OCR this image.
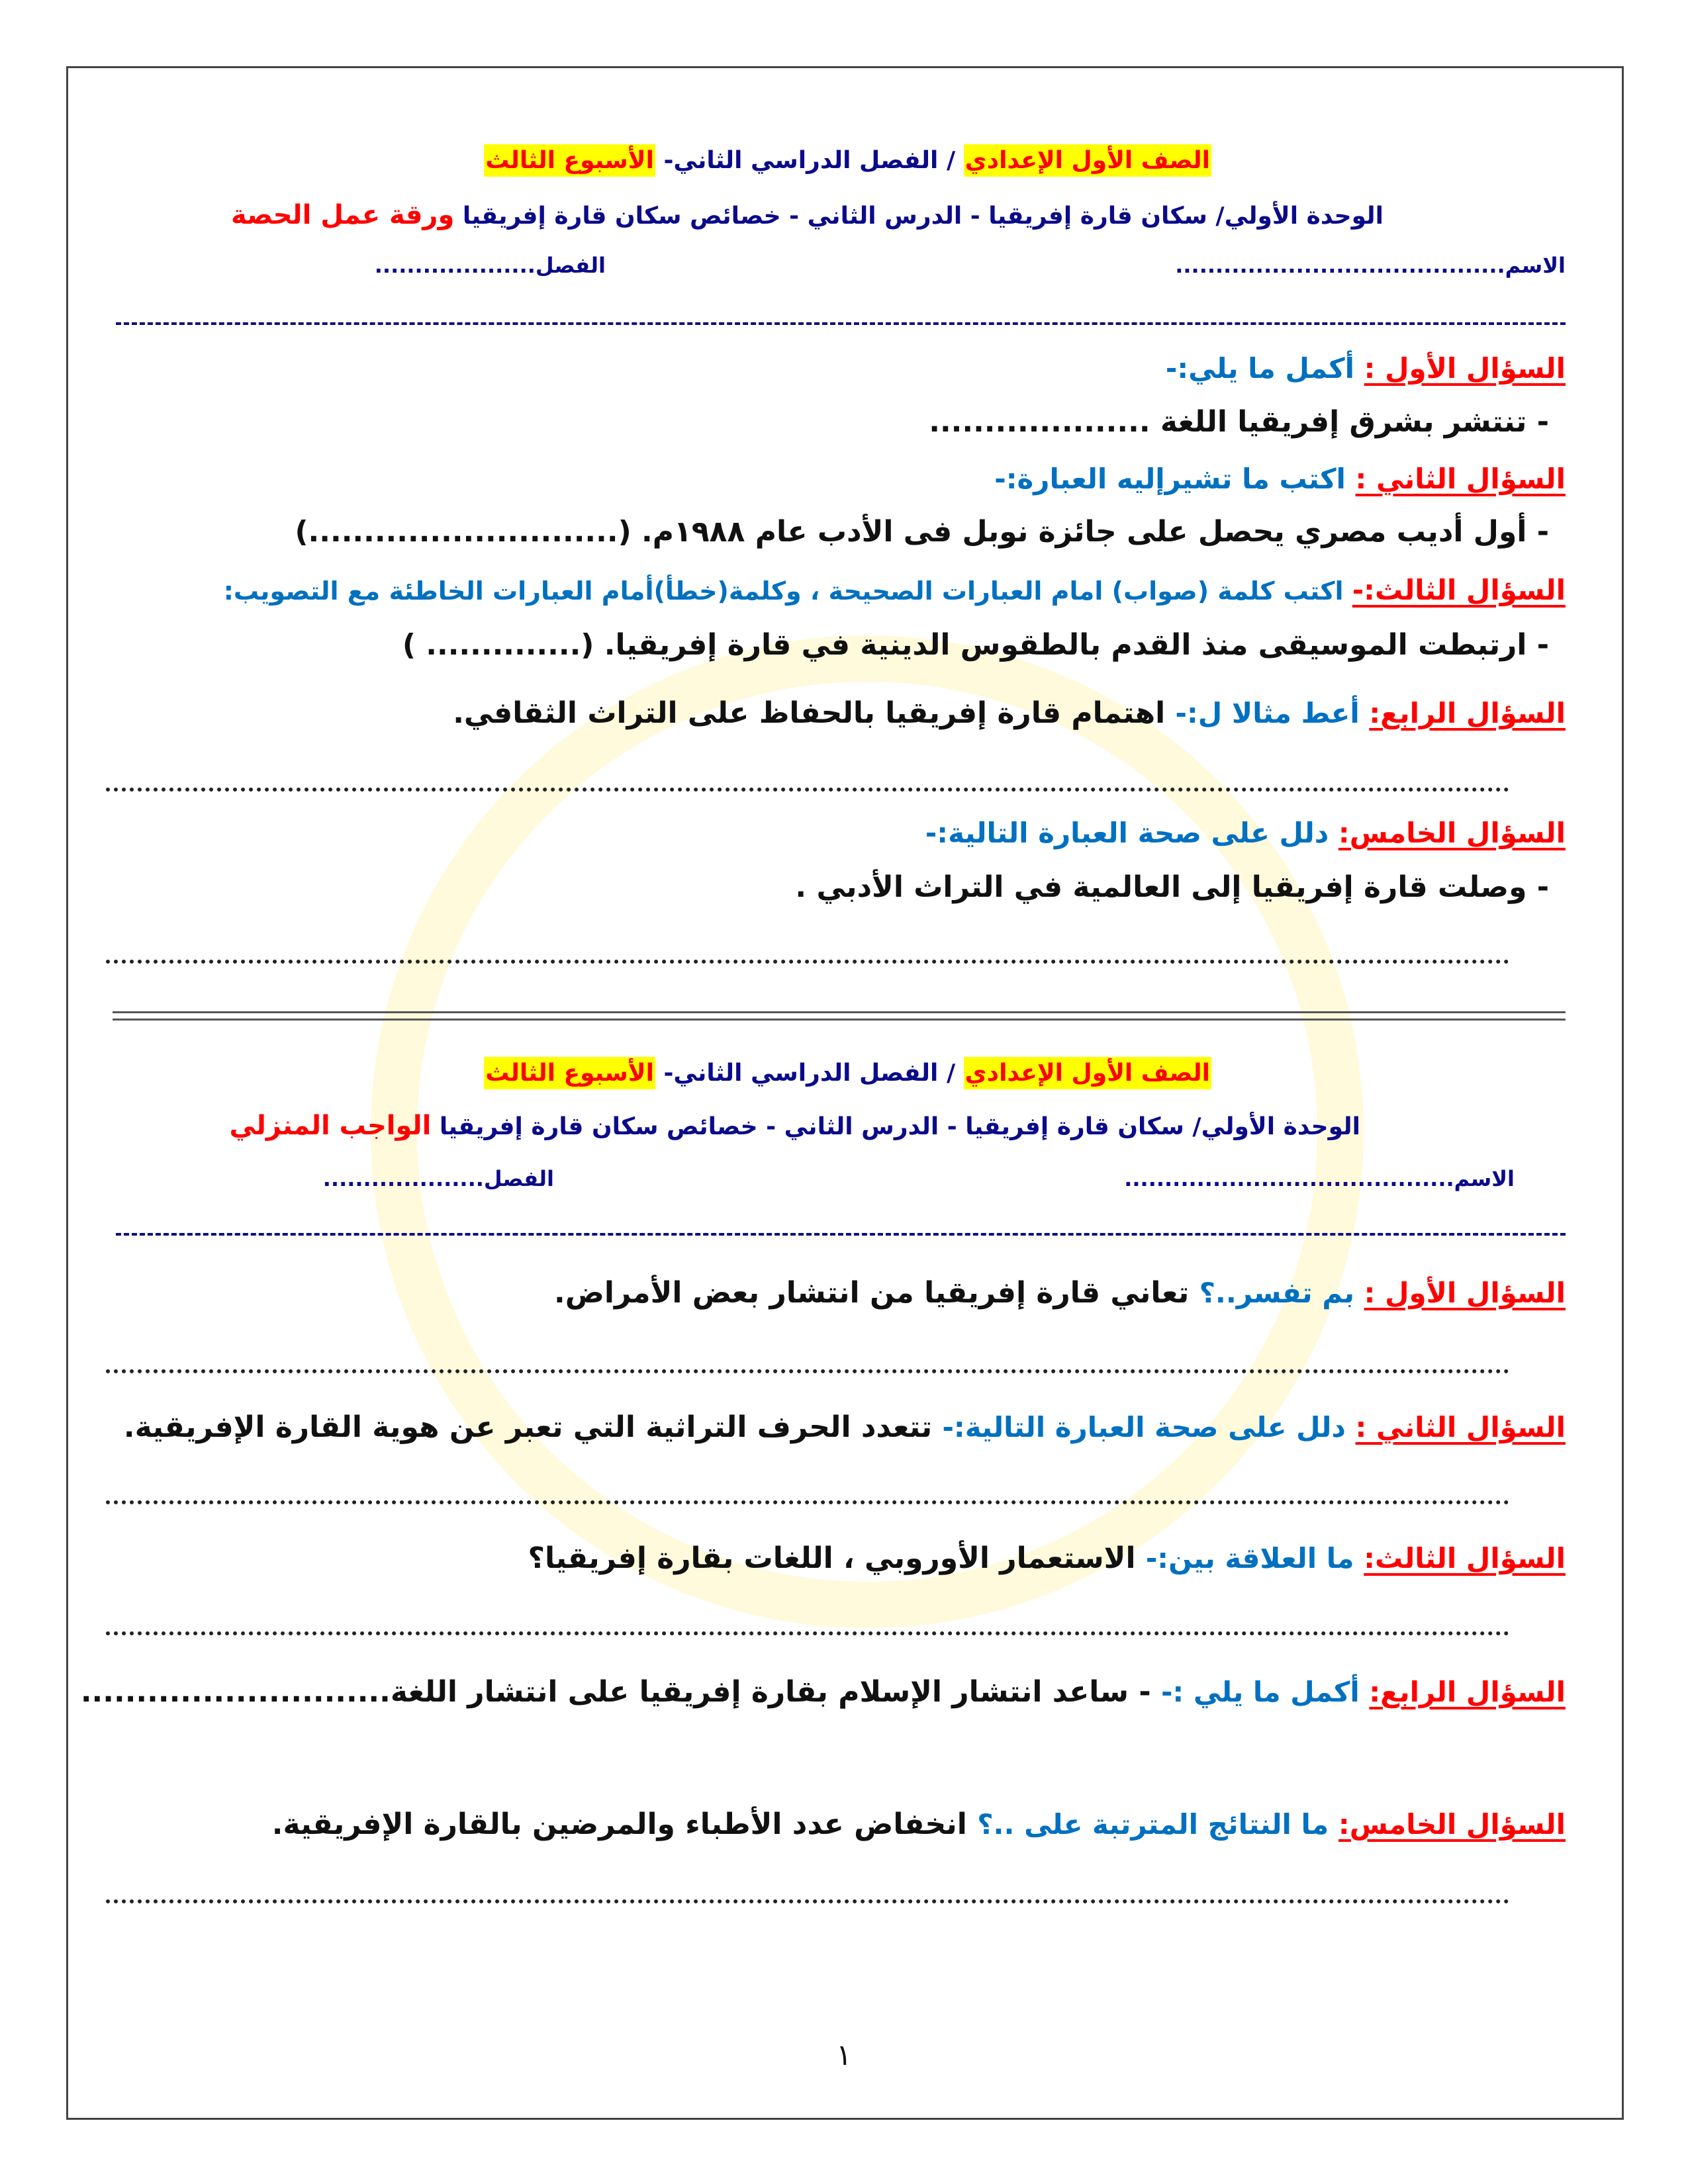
الصف الأول الإعدادي / الفصل الدراسي الثاني- الأسبوع الثالث
الوحدة الأولي/ سكان قارة إفريقيا - الدرس الثاني - خصائص سكان قارة إفريقيا ورقة عمل الحصة
الاسم.........................................
الفصل....................
السؤال الأول : أكمل ما يلي:-
- تنتشر بشرق إفريقيا اللغة ....................
السؤال الثاني : اكتب ما تشيرإليه العبارة:-
- أول أديب مصري يحصل على جائزة نوبل فى الأدب عام ١٩٨٨م. (............................)
السؤال الثالث:- اكتب كلمة (صواب) امام العبارات الصحيحة ، وكلمة(خطأ)أمام العبارات الخاطئة مع التصويب:
- ارتبطت الموسيقى منذ القدم بالطقوس الدينية في قارة إفريقيا. (.............. )
السؤال الرابع: أعط مثالا ل:- اهتمام قارة إفريقيا بالحفاظ على التراث الثقافي.
السؤال الخامس: دلل على صحة العبارة التالية:-
- وصلت قارة إفريقيا إلى العالمية في التراث الأدبي .
الصف الأول الإعدادي / الفصل الدراسي الثاني- الأسبوع الثالث
الوحدة الأولي/ سكان قارة إفريقيا - الدرس الثاني - خصائص سكان قارة إفريقيا الواجب المنزلي
الاسم.........................................
الفصل....................
السؤال الأول : بم تفسر..؟ تعاني قارة إفريقيا من انتشار بعض الأمراض.
السؤال الثاني : دلل على صحة العبارة التالية:- تتعدد الحرف التراثية التي تعبر عن هوية القارة الإفريقية.
السؤال الثالث: ما العلاقة بين:- الاستعمار الأوروبي ، اللغات بقارة إفريقيا؟
السؤال الرابع: أكمل ما يلي :- - ساعد انتشار الإسلام بقارة إفريقيا على انتشار اللغة............................
السؤال الخامس: ما النتائج المترتبة على ..؟ انخفاض عدد الأطباء والمرضين بالقارة الإفريقية.
١
